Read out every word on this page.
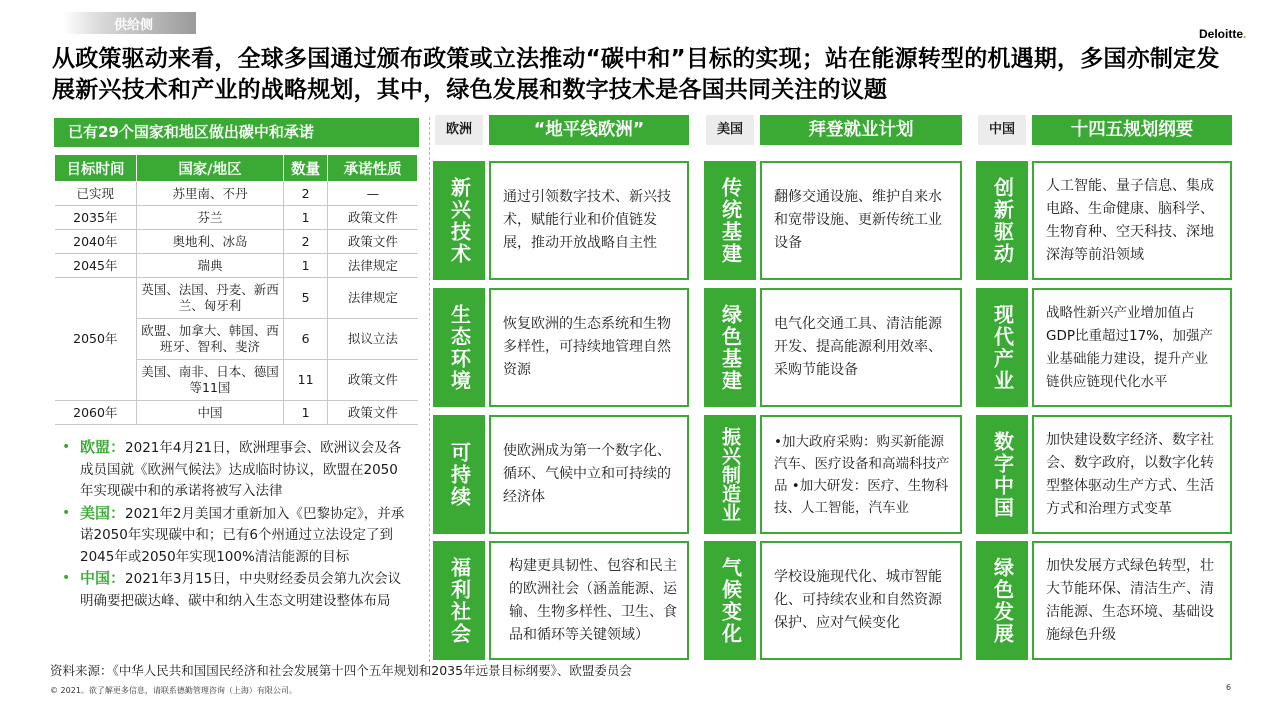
供给侧
Deloitte.
从政策驱动来看，全球多国通过颁布政策或立法推动“碳中和”目标的实现；站在能源转型的机遇期，多国亦制定发展新兴技术和产业的战略规划，其中，绿色发展和数字技术是各国共同关注的议题
已有29个国家和地区做出碳中和承诺
目标时间	国家/地区	数量	承诺性质
已实现	苏里南、不丹	2	—
2035年	芬兰	1	政策文件
2040年	奥地利、冰岛	2	政策文件
2045年	瑞典	1	法律规定
2050年	英国、法国、丹麦、新西兰、匈牙利	5	法律规定
	欧盟、加拿大、韩国、西班牙、智利、斐济	6	拟议立法
	美国、南非、日本、德国等11国	11	政策文件
2060年	中国	1	政策文件
• 欧盟：2021年4月21日，欧洲理事会、欧洲议会及各成员国就《欧洲气候法》达成临时协议，欧盟在2050年实现碳中和的承诺将被写入法律
• 美国：2021年2月美国才重新加入《巴黎协定》，并承诺2050年实现碳中和；已有6个州通过立法设定了到2045年或2050年实现100%清洁能源的目标
• 中国：2021年3月15日，中央财经委员会第九次会议明确要把碳达峰、碳中和纳入生态文明建设整体布局
欧洲	“地平线欧洲”
新兴技术	通过引领数字技术、新兴技术，赋能行业和价值链发展，推动开放战略自主性
生态环境	恢复欧洲的生态系统和生物多样性，可持续地管理自然资源
可持续	使欧洲成为第一个数字化、循环、气候中立和可持续的经济体
福利社会	构建更具韧性、包容和民主的欧洲社会（涵盖能源、运输、生物多样性、卫生、食品和循环等关键领域）
美国	拜登就业计划
传统基建	翻修交通设施、维护自来水和宽带设施、更新传统工业设备
绿色基建	电气化交通工具、清洁能源开发、提高能源利用效率、采购节能设备
振兴制造业	•加大政府采购：购买新能源汽车、医疗设备和高端科技产品 •加大研发：医疗、生物科技、人工智能，汽车业
气候变化	学校设施现代化、城市智能化、可持续农业和自然资源保护、应对气候变化
中国	十四五规划纲要
创新驱动	人工智能、量子信息、集成电路、生命健康、脑科学、生物育种、空天科技、深地深海等前沿领域
现代产业	战略性新兴产业增加值占GDP比重超过17%，加强产业基础能力建设，提升产业链供应链现代化水平
数字中国	加快建设数字经济、数字社会、数字政府，以数字化转型整体驱动生产方式、生活方式和治理方式变革
绿色发展	加快发展方式绿色转型，壮大节能环保、清洁生产、清洁能源、生态环境、基础设施绿色升级
资料来源：《中华人民共和国国民经济和社会发展第十四个五年规划和2035年远景目标纲要》、欧盟委员会
© 2021。欲了解更多信息，请联系德勤管理咨询（上海）有限公司。	6
